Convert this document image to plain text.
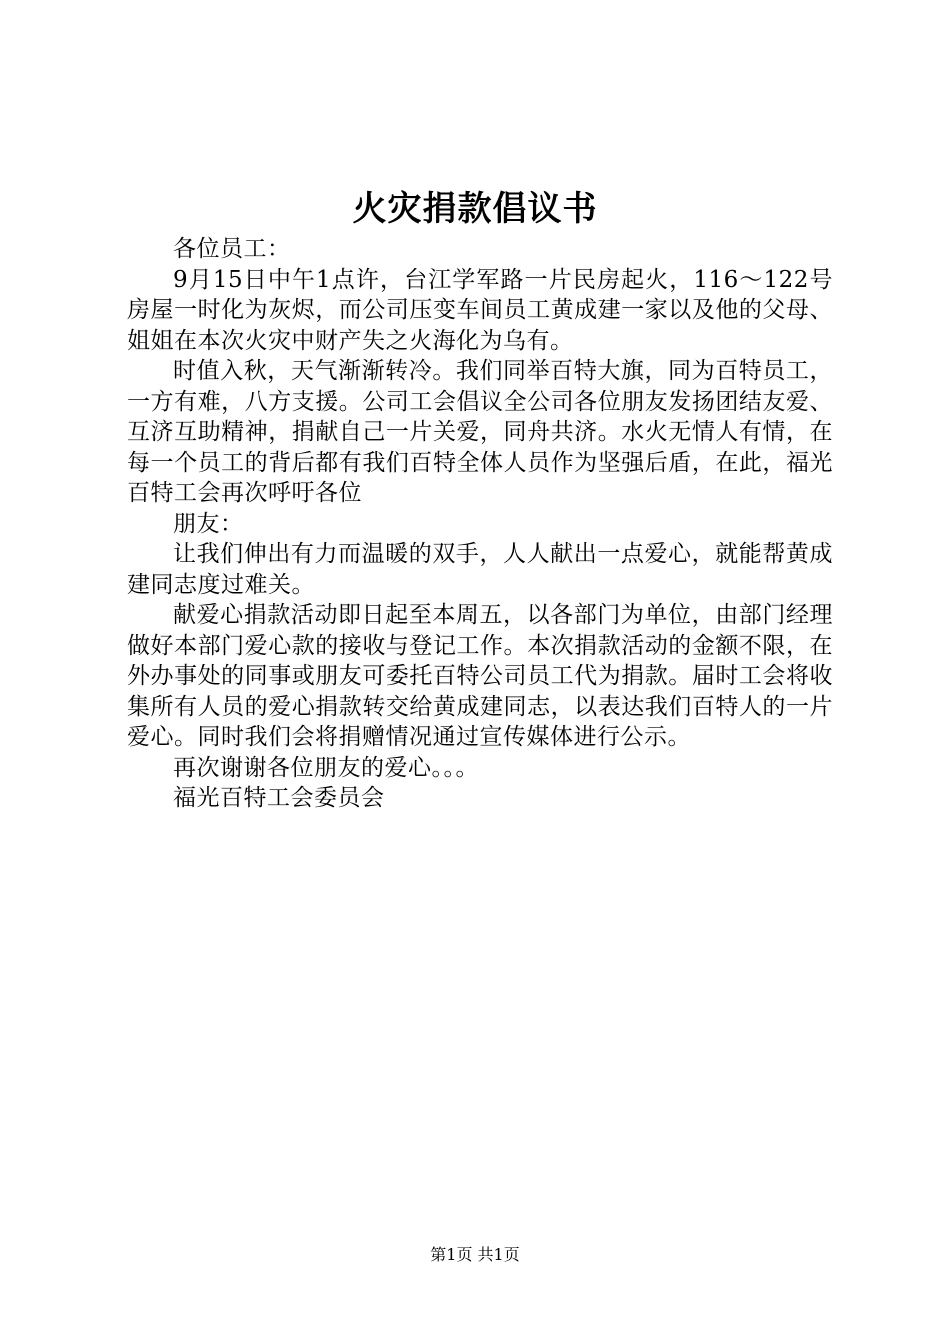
火灾捐款倡议书

各位员工：

9月15日中午1点许，台江学军路一片民房起火，116～122号房屋一时化为灰烬，而公司压变车间员工黄成建一家以及他的父母、姐姐在本次火灾中财产失之火海化为乌有。

时值入秋，天气渐渐转冷。我们同举百特大旗，同为百特员工，一方有难，八方支援。公司工会倡议全公司各位朋友发扬团结友爱、互济互助精神，捐献自己一片关爱，同舟共济。水火无情人有情，在每一个员工的背后都有我们百特全体人员作为坚强后盾，在此，福光百特工会再次呼吁各位

朋友：

让我们伸出有力而温暖的双手，人人献出一点爱心，就能帮黄成建同志度过难关。

献爱心捐款活动即日起至本周五，以各部门为单位，由部门经理做好本部门爱心款的接收与登记工作。本次捐款活动的金额不限，在外办事处的同事或朋友可委托百特公司员工代为捐款。届时工会将收集所有人员的爱心捐款转交给黄成建同志，以表达我们百特人的一片爱心。同时我们会将捐赠情况通过宣传媒体进行公示。

再次谢谢各位朋友的爱心。。。

福光百特工会委员会

第1页 共1页
